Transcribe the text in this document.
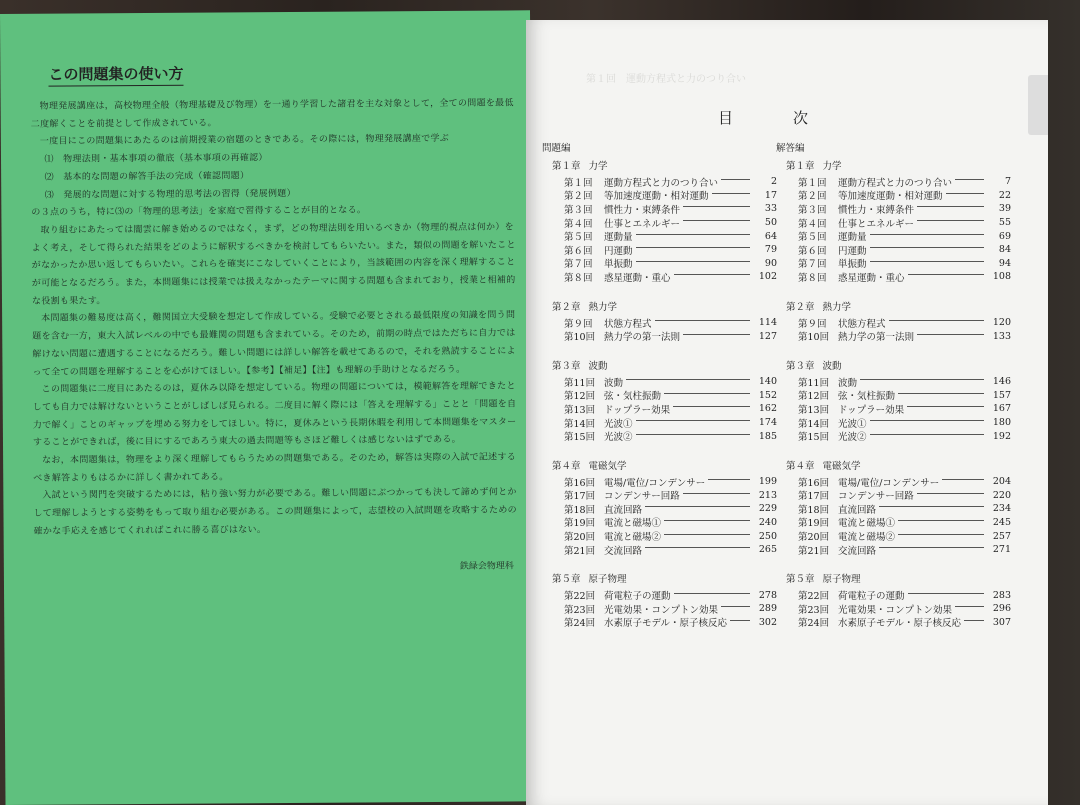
この問題集の使い方

物理発展講座は，高校物理全般（物理基礎及び物理）を一通り学習した諸君を主な対象として，全ての問題を最低二度解くことを前提として作成されている。

一度目にこの問題集にあたるのは前期授業の宿題のときである。その際には，物理発展講座で学ぶ

⑴　物理法則・基本事項の徹底（基本事項の再確認）

⑵　基本的な問題の解答手法の完成（確認問題）

⑶　発展的な問題に対する物理的思考法の習得（発展例題）

の３点のうち，特に⑶の「物理的思考法」を家庭で習得することが目的となる。

取り組むにあたっては闇雲に解き始めるのではなく，まず，どの物理法則を用いるべきか（物理的視点は何か）をよく考え，そして得られた結果をどのように解釈するべきかを検討してもらいたい。また，類似の問題を解いたことがなかったか思い返してもらいたい。これらを確実にこなしていくことにより，当該範囲の内容を深く理解することが可能となるだろう。また，本問題集には授業では扱えなかったテーマに関する問題も含まれており，授業と相補的な役割も果たす。

本問題集の難易度は高く，難関国立大受験を想定して作成している。受験で必要とされる最低限度の知識を問う問題を含む一方，東大入試レベルの中でも最難関の問題も含まれている。そのため，前期の時点ではただちに自力では解けない問題に遭遇することになるだろう。難しい問題には詳しい解答を載せてあるので，それを熟読することによって全ての問題を理解することを心がけてほしい。【参考】【補足】【注】も理解の手助けとなるだろう。

この問題集に二度目にあたるのは，夏休み以降を想定している。物理の問題については，模範解答を理解できたとしても自力では解けないということがしばしば見られる。二度目に解く際には「答えを理解する」ことと「問題を自力で解く」ことのギャップを埋める努力をしてほしい。特に，夏休みという長期休暇を利用して本問題集をマスターすることができれば，後に目にするであろう東大の過去問題等もさほど難しくは感じないはずである。

なお，本問題集は，物理をより深く理解してもらうための問題集である。そのため，解答は実際の入試で記述するべき解答よりもはるかに詳しく書かれてある。

入試という関門を突破するためには，粘り強い努力が必要である。難しい問題にぶつかっても決して諦めず何とかして理解しようとする姿勢をもって取り組む必要がある。この問題集によって，志望校の入試問題を攻略するための確かな手応えを感じてくれればこれに勝る喜びはない。

鉄緑会物理科
第１回　運動方程式と力のつり合い
目次
問題編
第１章 力学
第１回	運動方程式と力のつり合い	2
第２回	等加速度運動・相対運動	17
第３回	慣性力・束縛条件	33
第４回	仕事とエネルギー	50
第５回	運動量	64
第６回	円運動	79
第７回	単振動	90
第８回	惑星運動・重心	102
第２章 熱力学
第９回	状態方程式	114
第10回 熱力学の第一法則	127
第３章 波動
第11回 波動	140
第12回 弦・気柱振動	152
第13回 ドップラー効果	162
第14回 光波①	174
第15回 光波②	185
第４章 電磁気学
第16回 電場/電位/コンデンサー	199
第17回 コンデンサー回路	213
第18回 直流回路	229
第19回 電流と磁場①	240
第20回 電流と磁場②	250
第21回 交流回路	265
第５章 原子物理
第22回 荷電粒子の運動	278
第23回 光電効果・コンプトン効果	289
第24回 水素原子モデル・原子核反応	302
解答編
第１章 力学
第１回	運動方程式と力のつり合い	7
第２回	等加速度運動・相対運動	22
第３回	慣性力・束縛条件	39
第４回	仕事とエネルギー	55
第５回	運動量	69
第６回	円運動	84
第７回	単振動	94
第８回	惑星運動・重心	108
第２章 熱力学
第９回	状態方程式	120
第10回 熱力学の第一法則	133
第３章 波動
第11回 波動	146
第12回 弦・気柱振動	157
第13回 ドップラー効果	167
第14回 光波①	180
第15回 光波②	192
第４章 電磁気学
第16回 電場/電位/コンデンサー	204
第17回 コンデンサー回路	220
第18回 直流回路	234
第19回 電流と磁場①	245
第20回 電流と磁場②	257
第21回 交流回路	271
第５章 原子物理
第22回 荷電粒子の運動	283
第23回 光電効果・コンプトン効果	296
第24回 水素原子モデル・原子核反応	307
